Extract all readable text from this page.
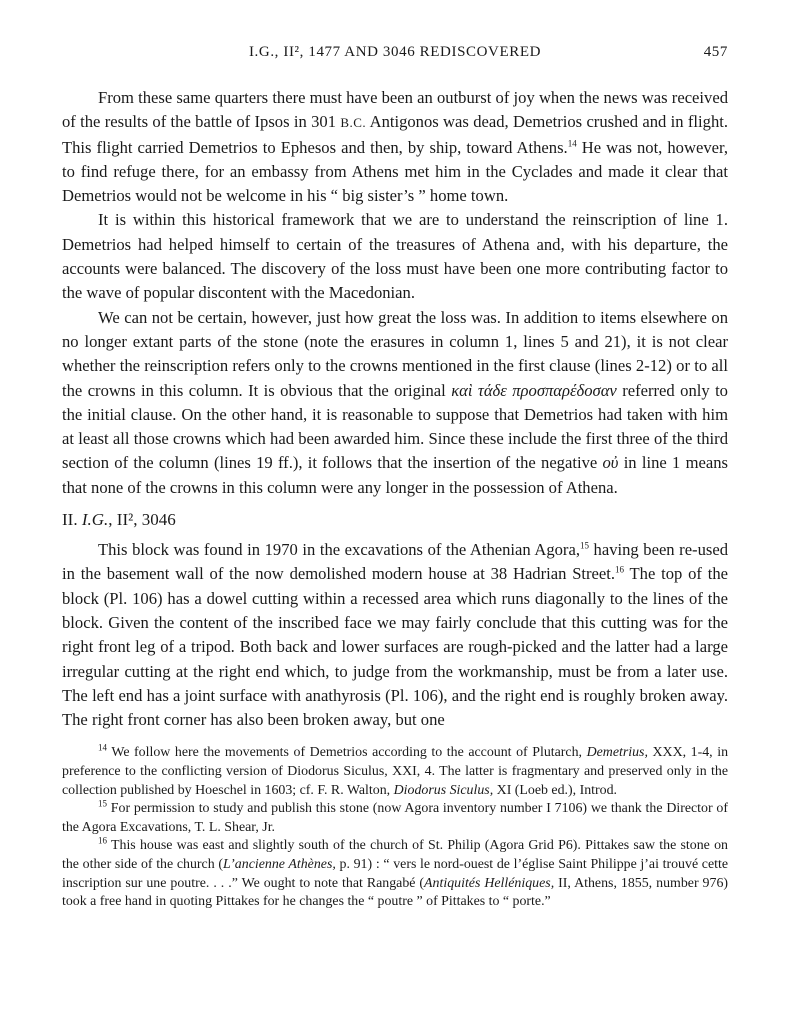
I.G., II², 1477 AND 3046 REDISCOVERED	457

From these same quarters there must have been an outburst of joy when the news was received of the results of the battle of Ipsos in 301 B.C. Antigonos was dead, Demetrios crushed and in flight. This flight carried Demetrios to Ephesos and then, by ship, toward Athens.$^{14}$ He was not, however, to find refuge there, for an embassy from Athens met him in the Cyclades and made it clear that Demetrios would not be welcome in his “ big sister’s ” home town.

It is within this historical framework that we are to understand the reinscription of line 1. Demetrios had helped himself to certain of the treasures of Athena and, with his departure, the accounts were balanced. The discovery of the loss must have been one more contributing factor to the wave of popular discontent with the Macedonian.

We can not be certain, however, just how great the loss was. In addition to items elsewhere on no longer extant parts of the stone (note the erasures in column 1, lines 5 and 21), it is not clear whether the reinscription refers only to the crowns mentioned in the first clause (lines 2-12) or to all the crowns in this column. It is obvious that the original καὶ τάδε προσπαρέδοσαν referred only to the initial clause. On the other hand, it is reasonable to suppose that Demetrios had taken with him at least all those crowns which had been awarded him. Since these include the first three of the third section of the column (lines 19 ff.), it follows that the insertion of the negative οὐ in line 1 means that none of the crowns in this column were any longer in the possession of Athena.

II. I.G., II², 3046

This block was found in 1970 in the excavations of the Athenian Agora,$^{15}$ having been re-used in the basement wall of the now demolished modern house at 38 Hadrian Street.$^{16}$ The top of the block (Pl. 106) has a dowel cutting within a recessed area which runs diagonally to the lines of the block. Given the content of the inscribed face we may fairly conclude that this cutting was for the right front leg of a tripod. Both back and lower surfaces are rough-picked and the latter had a large irregular cutting at the right end which, to judge from the workmanship, must be from a later use. The left end has a joint surface with anathyrosis (Pl. 106), and the right end is roughly broken away. The right front corner has also been broken away, but one

$^{14}$ We follow here the movements of Demetrios according to the account of Plutarch, Demetrius, XXX, 1-4, in preference to the conflicting version of Diodorus Siculus, XXI, 4. The latter is fragmentary and preserved only in the collection published by Hoeschel in 1603; cf. F. R. Walton, Diodorus Siculus, XI (Loeb ed.), Introd.

$^{15}$ For permission to study and publish this stone (now Agora inventory number I 7106) we thank the Director of the Agora Excavations, T. L. Shear, Jr.

$^{16}$ This house was east and slightly south of the church of St. Philip (Agora Grid P6). Pittakes saw the stone on the other side of the church (L’ancienne Athènes, p. 91) : “ vers le nord-ouest de l’église Saint Philippe j’ai trouvé cette inscription sur une poutre. . . .” We ought to note that Rangabé (Antiquités Helléniques, II, Athens, 1855, number 976) took a free hand in quoting Pittakes for he changes the “ poutre ” of Pittakes to “ porte.”
